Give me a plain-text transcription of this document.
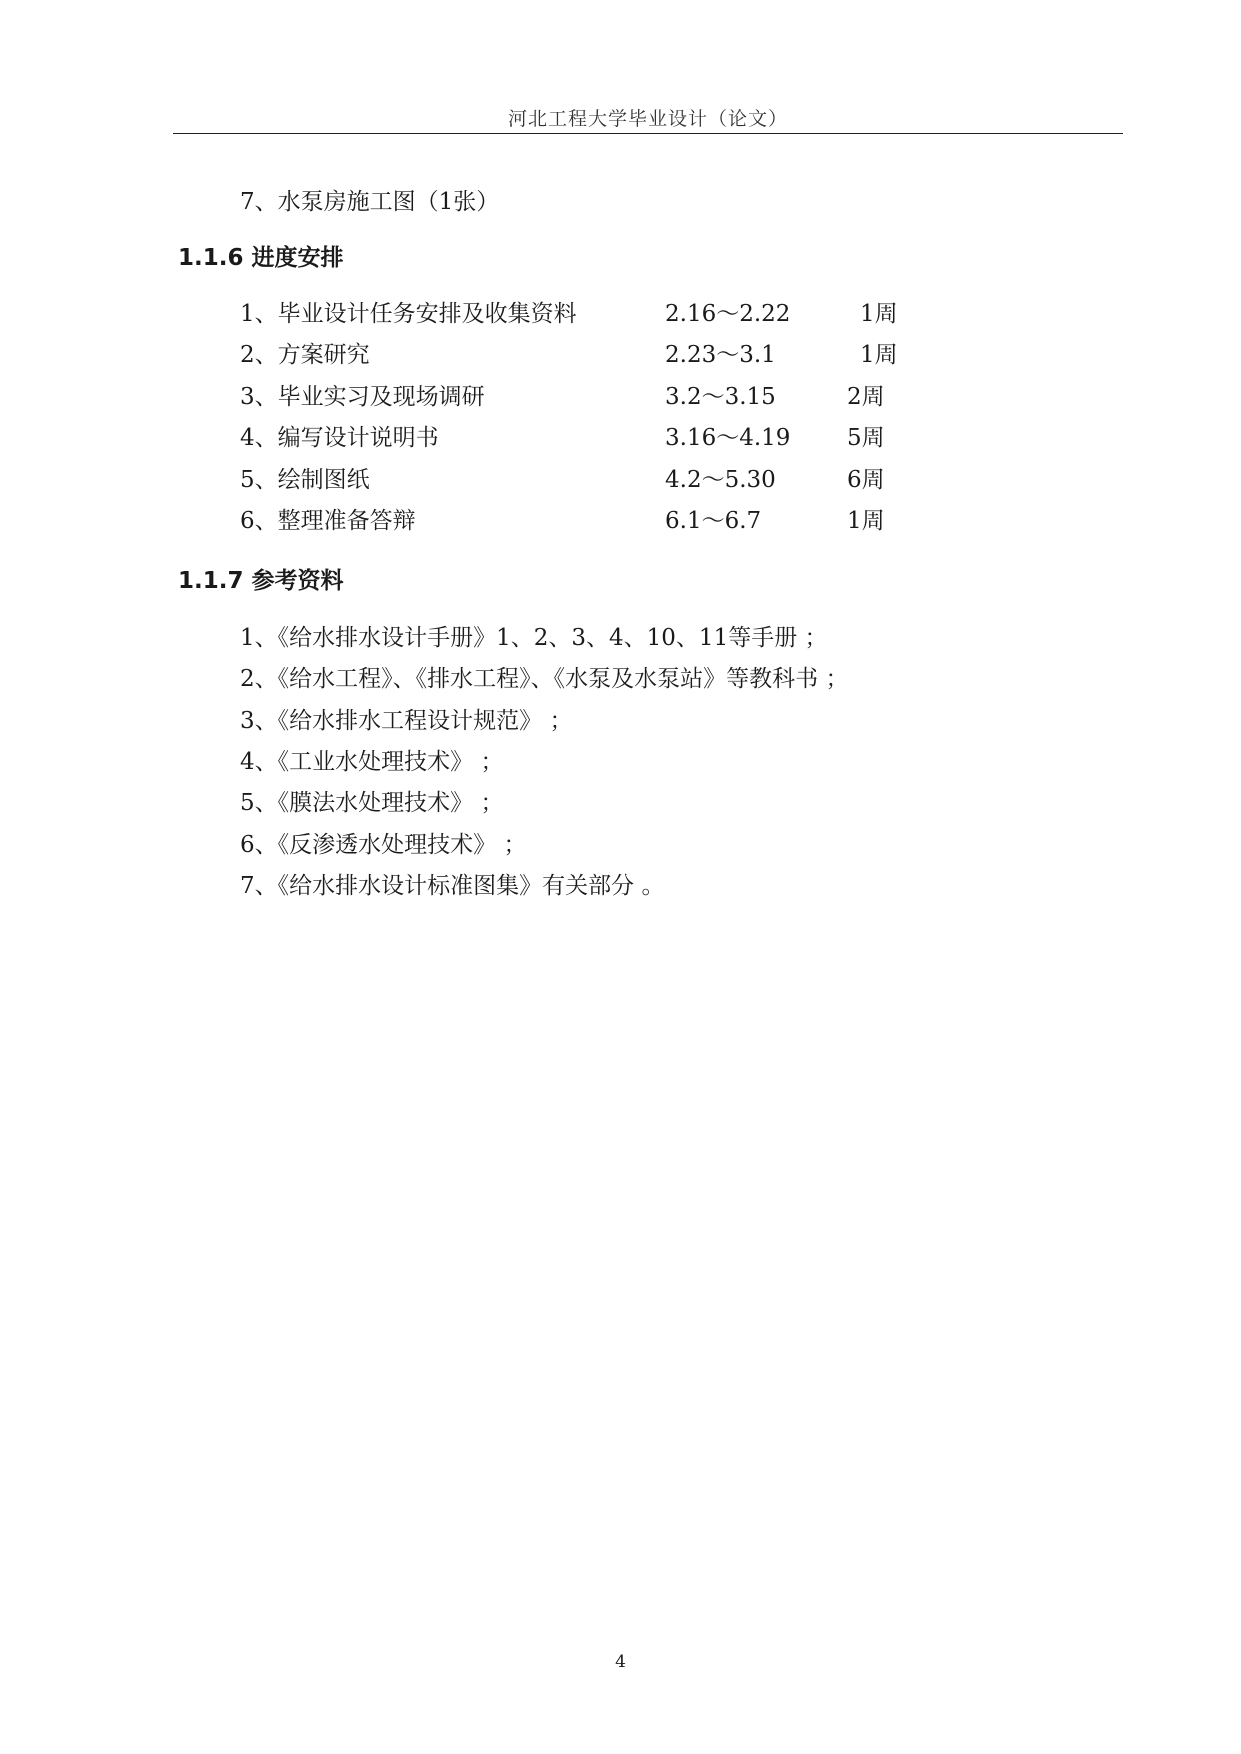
河北工程大学毕业设计（论文）
7、水泵房施工图（1张）
1.1.6 进度安排
1、毕业设计任务安排及收集资料	2.16～2.22	1周
2、方案研究	2.23～3.1	1周
3、毕业实习及现场调研	3.2～3.15	2周
4、编写设计说明书	3.16～4.19 5周
5、绘制图纸	4.2～5.30	6周
6、整理准备答辩	6.1～6.7	1周
1.1.7 参考资料
1、《给水排水设计手册》1、2、3、4、10、11等手册 ；
2、《给水工程》、《排水工程》、《水泵及水泵站》等教科书 ；
3、《给水排水工程设计规范》 ；
4、《工业水处理技术》 ；
5、《膜法水处理技术》 ；
6、《反渗透水处理技术》 ；
7、《给水排水设计标准图集》有关部分 。
4
